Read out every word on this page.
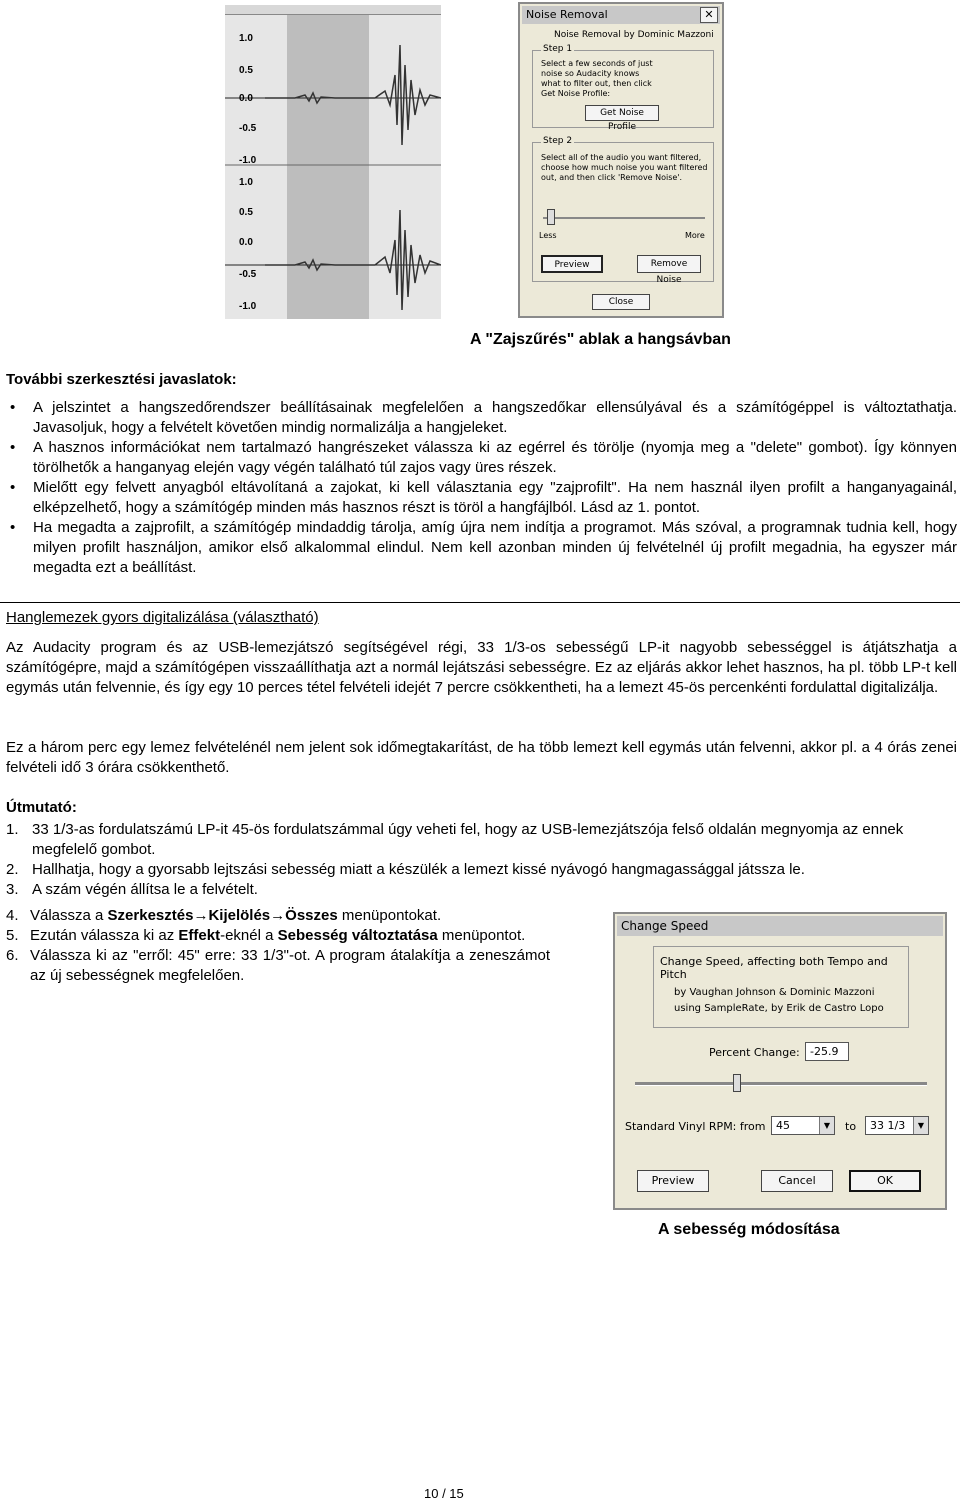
1.0
0.5
0.0
-0.5
-1.0
1.0
0.5
0.0
-0.5
-1.0
Noise Removal	✕
Noise Removal by Dominic Mazzoni
Step 1
Select a few seconds of just noise so Audacity knows what to filter out, then click Get Noise Profile:
Get Noise Profile
Step 2
Select all of the audio you want filtered, choose how much noise you want filtered out, and then click 'Remove Noise'.
Less	More
Preview	Remove Noise
Close
A "Zajszűrés" ablak a hangsávban
További szerkesztési javaslatok:
• A jelszintet a hangszedőrendszer beállításainak megfelelően a hangszedőkar ellensúlyával és a számítógéppel is változtathatja. Javasoljuk, hogy a felvételt követően mindig normalizálja a hangjeleket.
• A hasznos információkat nem tartalmazó hangrészeket válassza ki az egérrel és törölje (nyomja meg a "delete" gombot). Így könnyen törölhetők a hanganyag elején vagy végén található túl zajos vagy üres részek.
• Mielőtt egy felvett anyagból eltávolítaná a zajokat, ki kell választania egy "zajprofilt". Ha nem használ ilyen profilt a hanganyagainál, elképzelhető, hogy a számítógép minden más hasznos részt is töröl a hangfájlból. Lásd az 1. pontot.
• Ha megadta a zajprofilt, a számítógép mindaddig tárolja, amíg újra nem indítja a programot. Más szóval, a programnak tudnia kell, hogy milyen profilt használjon, amikor első alkalommal elindul. Nem kell azonban minden új felvételnél új profilt megadnia, ha egyszer már megadta ezt a beállítást.
Hanglemezek gyors digitalizálása (választható)
Az Audacity program és az USB-lemezjátszó segítségével régi, 33 1/3-os sebességű LP-it nagyobb sebességgel is átjátszhatja a számítógépre, majd a számítógépen visszaállíthatja azt a normál lejátszási sebességre. Ez az eljárás akkor lehet hasznos, ha pl. több LP-t kell egymás után felvennie, és így egy 10 perces tétel felvételi idejét 7 percre csökkentheti, ha a lemezt 45-ös percenkénti fordulattal digitalizálja.
Ez a három perc egy lemez felvételénél nem jelent sok időmegtakarítást, de ha több lemezt kell egymás után felvenni, akkor pl. a 4 órás zenei felvételi idő 3 órára csökkenthető.
Útmutató:
1. 33 1/3-as fordulatszámú LP-it 45-ös fordulatszámmal úgy veheti fel, hogy az USB-lemezjátszója felső oldalán megnyomja az ennek megfelelő gombot.
2. Hallhatja, hogy a gyorsabb lejtszási sebesség miatt a készülék a lemezt kissé nyávogó hangmagassággal játssza le.
3. A szám végén állítsa le a felvételt.
4. Válassza a Szerkesztés→Kijelölés→Összes menüpontokat.
5. Ezután válassza ki az Effekt-eknél a Sebesség változtatása menüpontot.
6. Válassza ki az "erről: 45" erre: 33 1/3"-ot. A program átalakítja a zeneszámot az új sebességnek megfelelően.
Change Speed
Change Speed, affecting both Tempo and Pitch
by Vaughan Johnson & Dominic Mazzoni
using SampleRate, by Erik de Castro Lopo
Percent Change: -25.9
Standard Vinyl RPM: from 45	▼	to	33 1/3	▼
Preview	Cancel	OK
A sebesség módosítása
10 / 15
